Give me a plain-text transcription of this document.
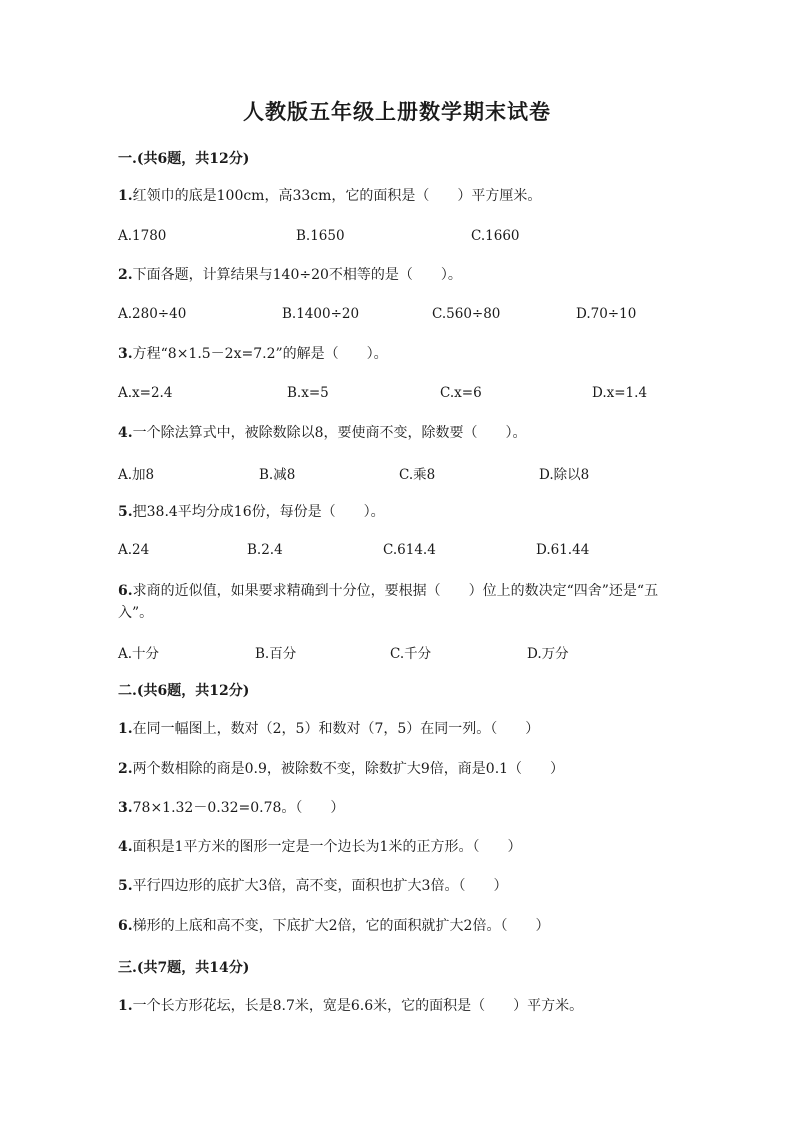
人教版五年级上册数学期末试卷
一.(共6题，共12分)
1.红领巾的底是100cm，高33cm，它的面积是（　　）平方厘米。
A.1780	B.1650	C.1660
2.下面各题，计算结果与140÷20不相等的是（　　）。
A.280÷40	B.1400÷20	C.560÷80	D.70÷10
3.方程“8×1.5－2x=7.2”的解是（　　）。
A.x=2.4	B.x=5	C.x=6	D.x=1.4
4.一个除法算式中，被除数除以8，要使商不变，除数要（　　）。
A.加8	B.减8	C.乘8	D.除以8
5.把38.4平均分成16份，每份是（　　）。
A.24	B.2.4	C.614.4	D.61.44
6.求商的近似值，如果要求精确到十分位，要根据（　　）位上的数决定“四舍”还是“五入”。
A.十分	B.百分	C.千分	D.万分
二.(共6题，共12分)
1.在同一幅图上，数对（2，5）和数对（7，5）在同一列。（　　）
2.两个数相除的商是0.9，被除数不变，除数扩大9倍，商是0.1（　　）
3.78×1.32－0.32=0.78。（　　）
4.面积是1平方米的图形一定是一个边长为1米的正方形。（　　）
5.平行四边形的底扩大3倍，高不变，面积也扩大3倍。（　　）
6.梯形的上底和高不变，下底扩大2倍，它的面积就扩大2倍。（　　）
三.(共7题，共14分)
1.一个长方形花坛，长是8.7米，宽是6.6米，它的面积是（　　）平方米。
